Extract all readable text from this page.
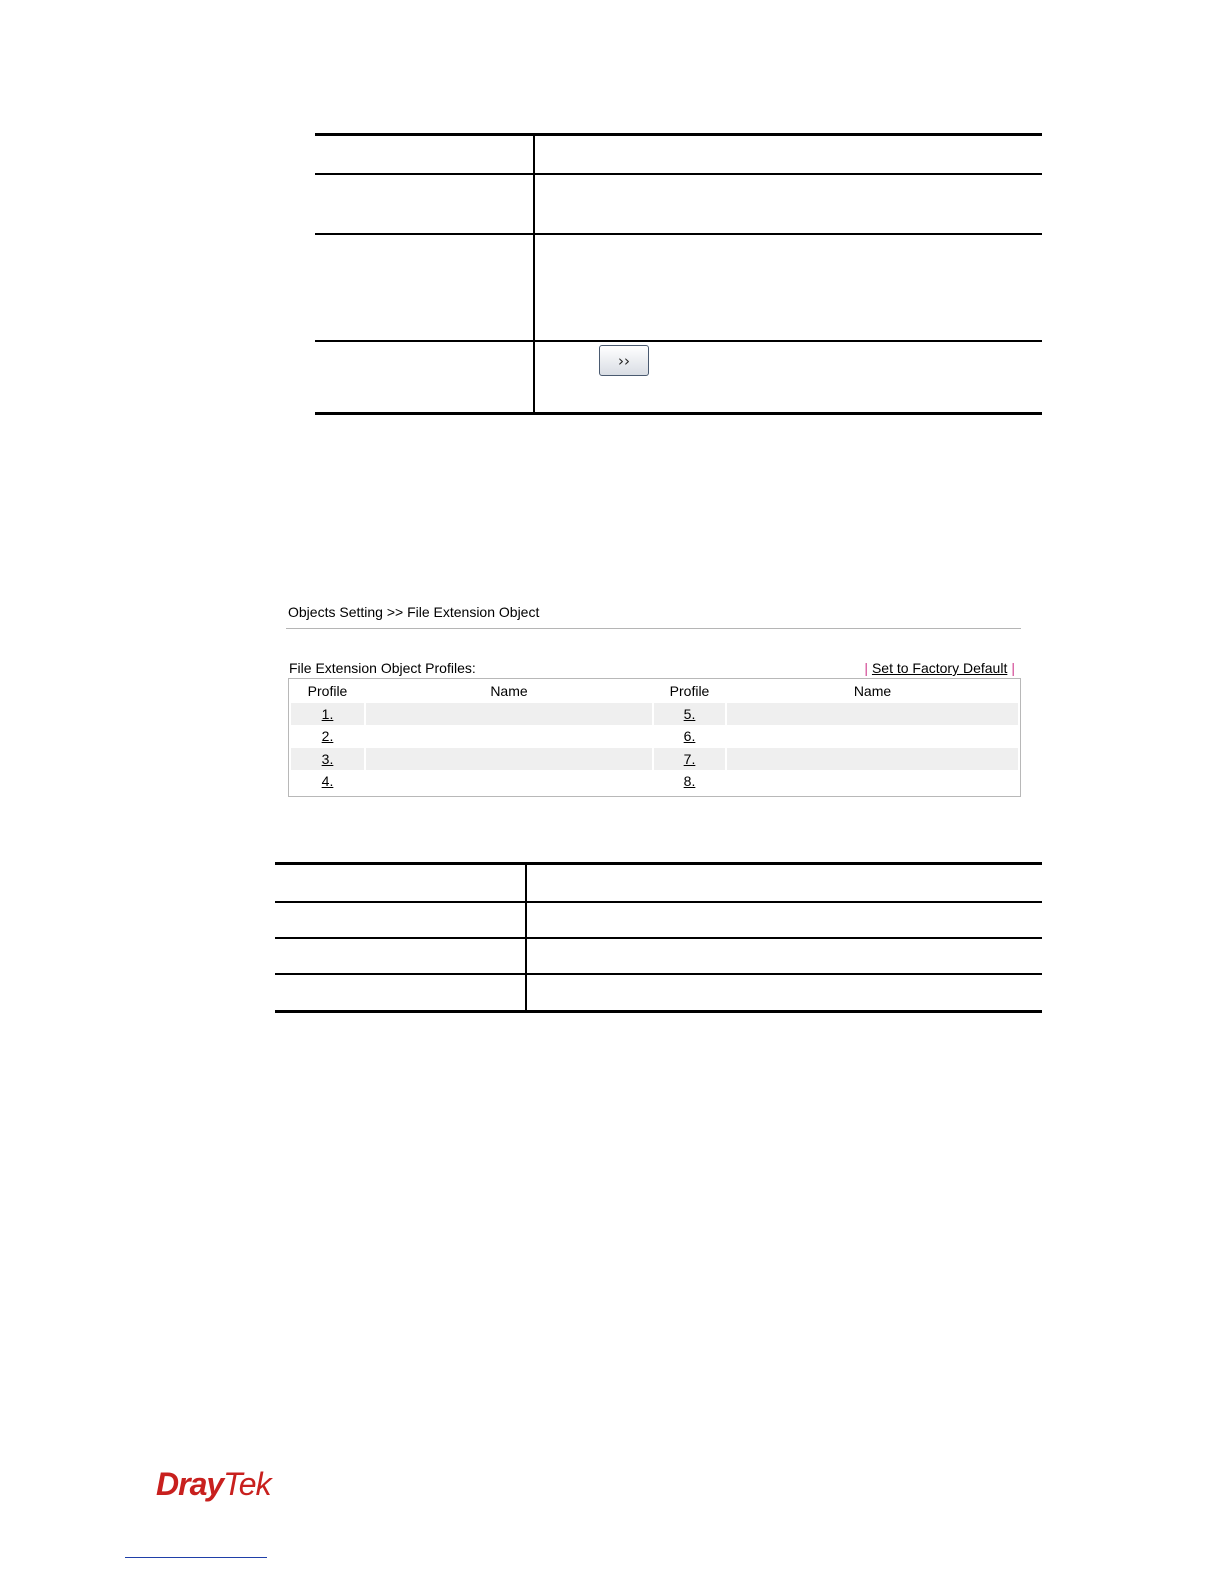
››
Objects Setting >> File Extension Object
File Extension Object Profiles:	| Set to Factory Default |
Profile	Name	Profile	Name
1.		5.	
2.		6.	
3.		7.	
4.		8.	

DrayTek
